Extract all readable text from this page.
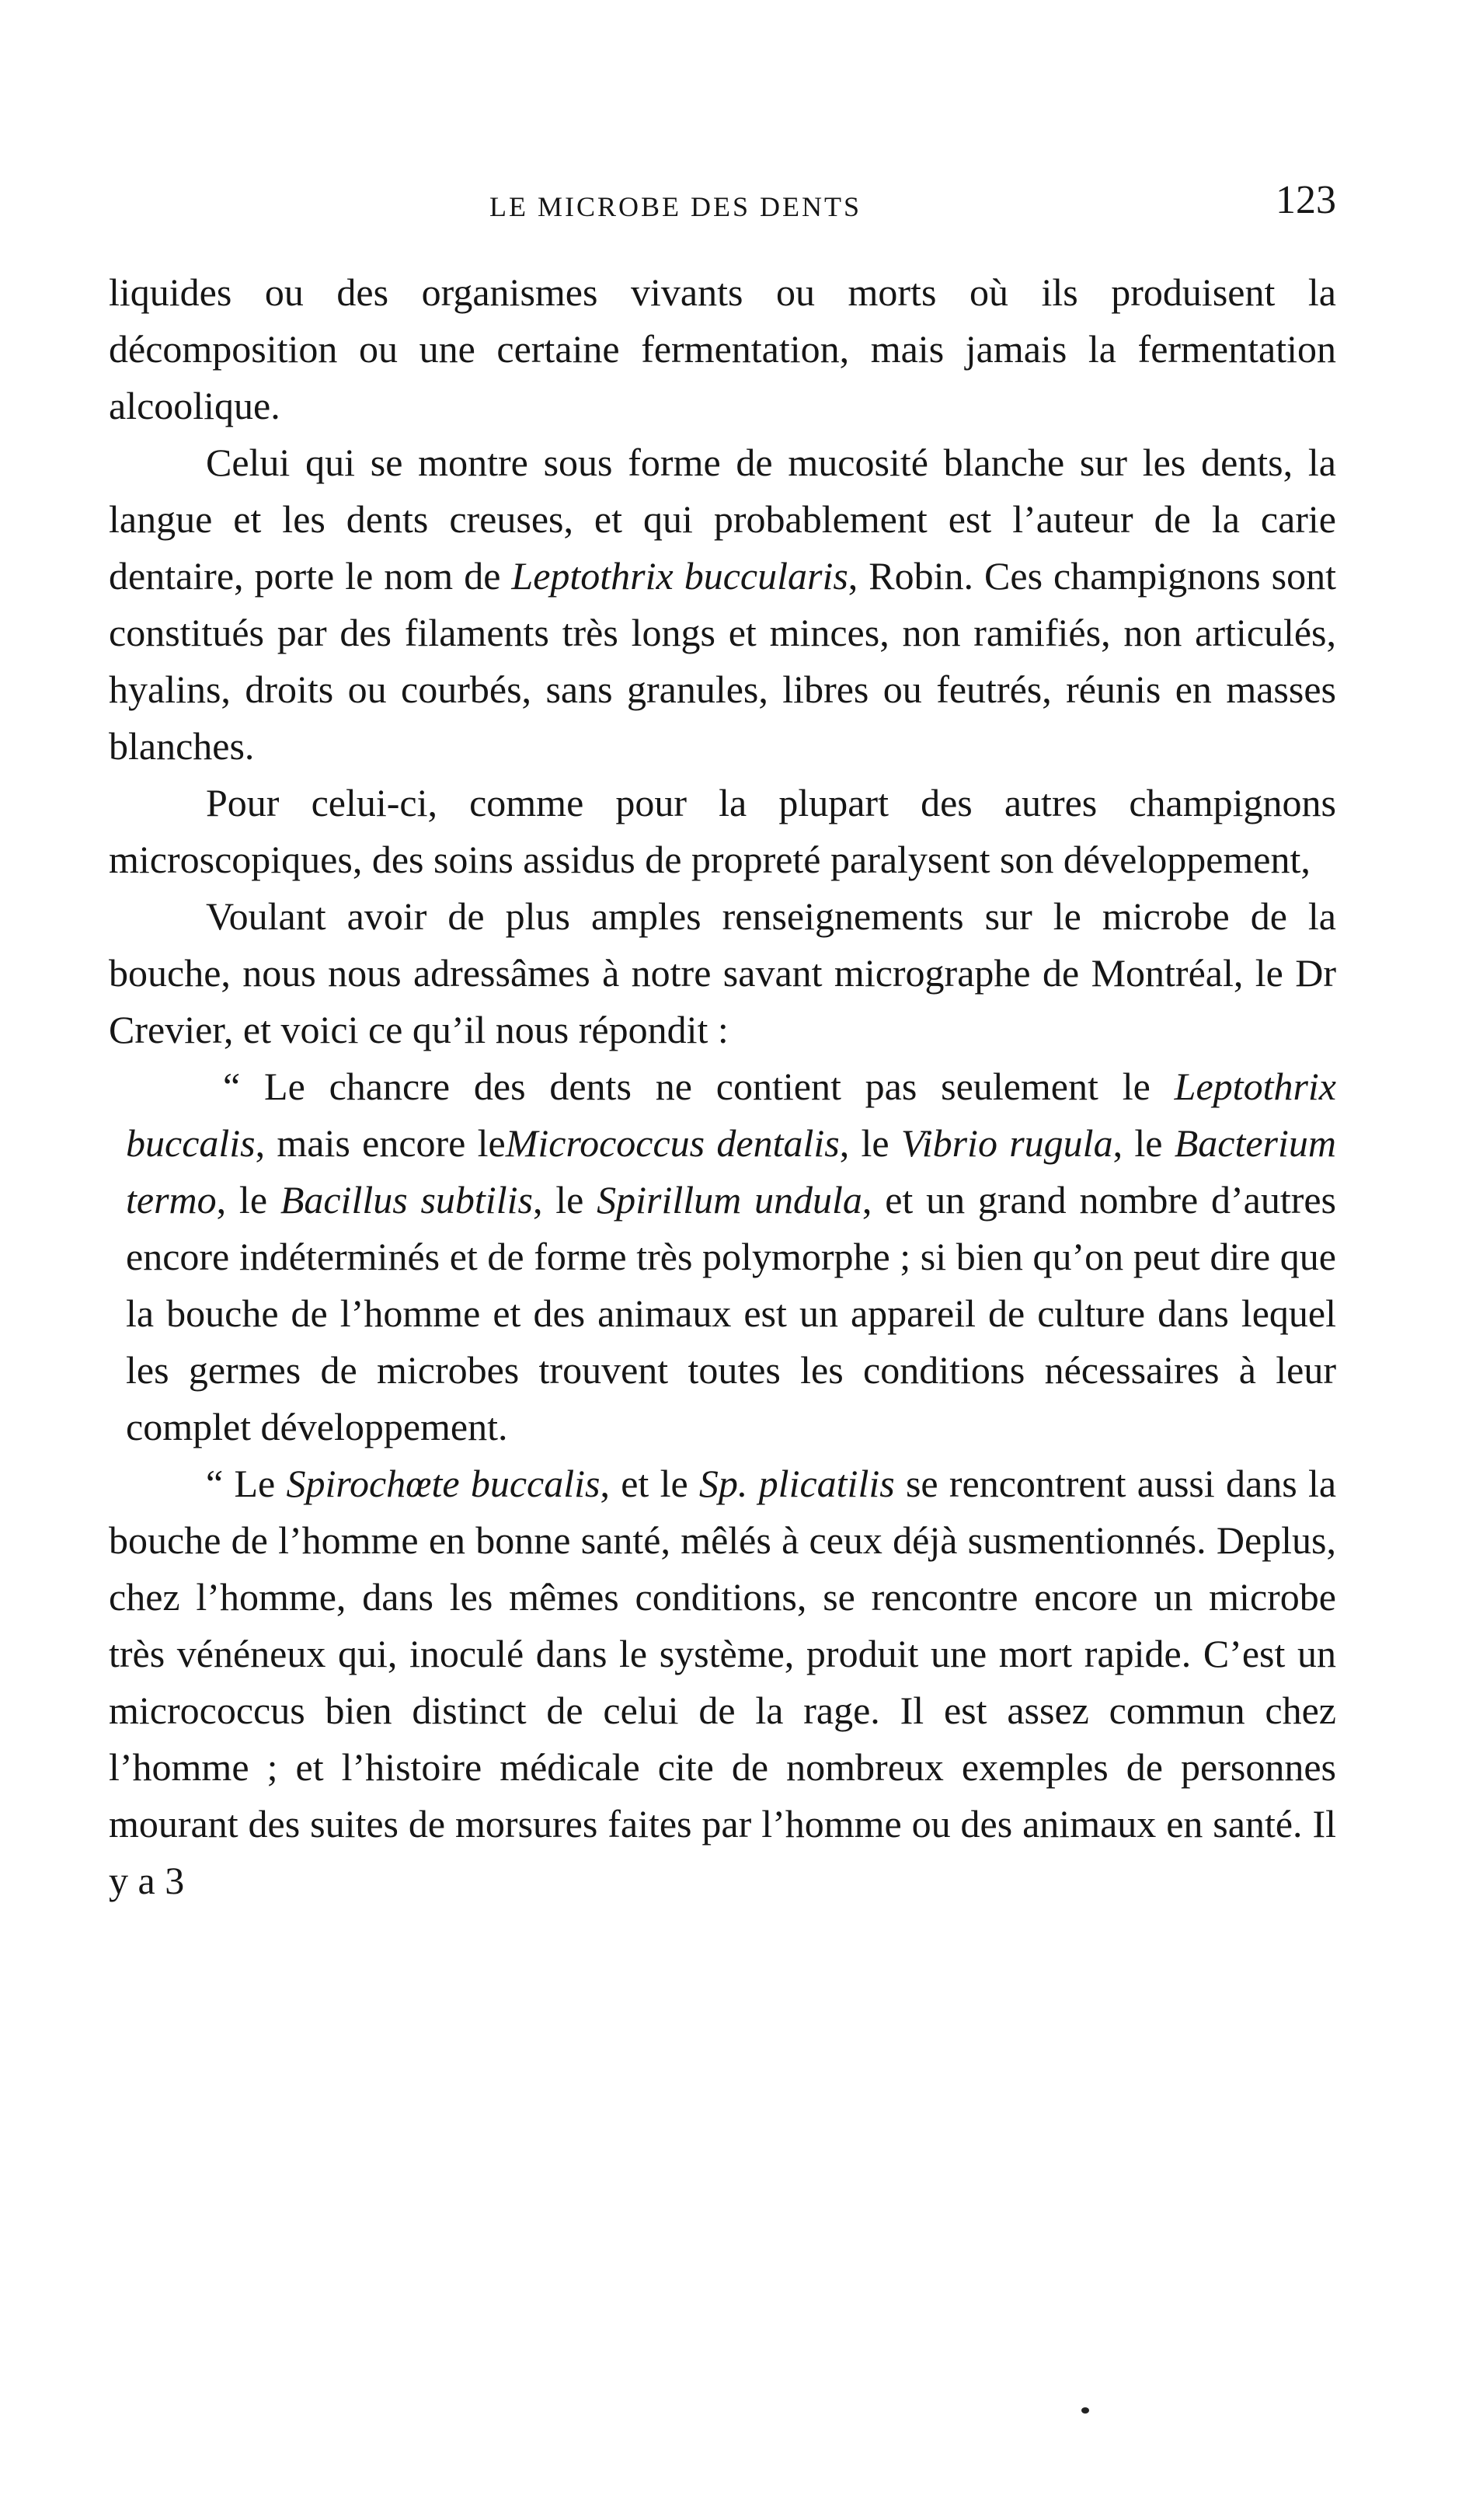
LE MICROBE DES DENTS	123

liquides ou des organismes vivants ou morts où ils produisent la décomposition ou une certaine fermentation, mais jamais la fermentation alcoolique.

Celui qui se montre sous forme de mucosité blanche sur les dents, la langue et les dents creuses, et qui probablement est l’auteur de la carie dentaire, porte le nom de Leptothrix buccularis, Robin. Ces champignons sont constitués par des filaments très longs et minces, non ramifiés, non articulés, hyalins, droits ou courbés, sans granules, libres ou feutrés, réunis en masses blanches.

Pour celui-ci, comme pour la plupart des autres champignons microscopiques, des soins assidus de propreté paralysent son développement,

Voulant avoir de plus amples renseignements sur le microbe de la bouche, nous nous adressâmes à notre savant micrographe de Montréal, le Dr Crevier, et voici ce qu’il nous répondit :

“ Le chancre des dents ne contient pas seulement le Leptothrix buccalis, mais encore leMicrococcus dentalis, le Vibrio rugula, le Bacterium termo, le Bacillus subtilis, le Spirillum undula, et un grand nombre d’autres encore indéterminés et de forme très polymorphe ; si bien qu’on peut dire que la bouche de l’homme et des animaux est un appareil de culture dans lequel les germes de microbes trouvent toutes les conditions nécessaires à leur complet développement.

“ Le Spirochœte buccalis, et le Sp. plicatilis se rencontrent aussi dans la bouche de l’homme en bonne santé, mêlés à ceux déjà susmentionnés. Deplus, chez l’homme, dans les mêmes conditions, se rencontre encore un microbe très vénéneux qui, inoculé dans le système, produit une mort rapide. C’est un micrococcus bien distinct de celui de la rage. Il est assez commun chez l’homme ; et l’histoire médicale cite de nombreux exemples de personnes mourant des suites de morsures faites par l’homme ou des animaux en santé. Il y a 3
